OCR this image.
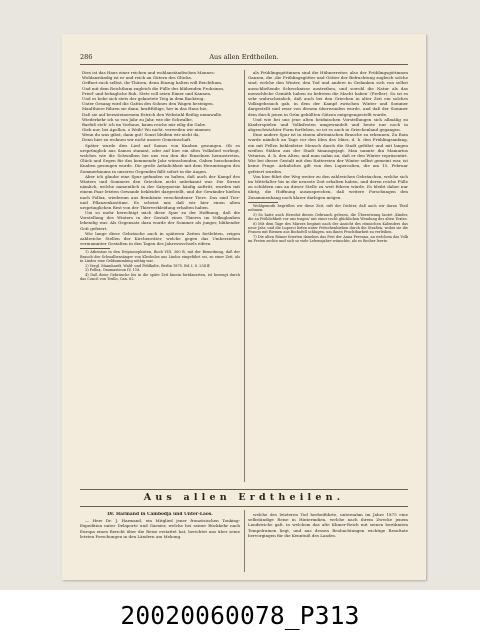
286	Aus allen Erdtheilen.

Dies ist das Haus einer reichen und wohlanständischen Mannes:

Wohlanständig ist er und reich an Gütern des Glücks.

Oeffnet euch selbst, ihr Thüren, denn Einzug halten will Reichthum,

Und mit dem Reichthum zugleich die Fülle des blühenden Frohsinns,

Fried' und behagliche Ruh. Stets voll seien Eimer und Kannen,

Und es hebe sich stets der geknetete Teig in dem Backtrog.

Unter Gesang wird die Gattin des Sohnes den Wagen besteigen,

Maulthiere führen sie dann, kraftfüßige, her in das Haus hie,

Daß sie auf bernsteinernem Estrich den Webstuhl fleißig ummwalle.

Wiederkehr ich so von Jahr zu Jahr, wie die Schwalbe,

Barfuß steh' ich im Vorhaus, kaum reiche mir eilig die Gabe.

Gieb nur, bei Apollon, o Weib! Wo nicht, verweilen wir nimmer,

Wenn du was gibst, dann gut! Sonst bleiben wir nicht da,

Denn hier zu wohnen wir nicht unsere Gemeinschaft.

Später wurde dies Lied auf Samos von Knaben gesungen. Ob es ursprünglich aus Samos stammt, oder auf hier ein altes Volkslied vorliegt, welches wie die Schwalben bei uns von den die Einzelnen heraustreten, Glück und Segen für das kommende Jahr wünschenden, Gaben heischenden Knaben gesungen wurde. Die große Aehnlichkeit mit dem Herumtragen des Sommerbaums in unseren Gegenden fällt sofort in die Augen.

Aber ich glaube eine Spur gefunden zu haben, daß auch der Kampf des Winters und Sommers den Griechen nicht unbekannt war. Die Sirene nämlich, welche namentlich in der Satyrpoesie häufig auftritt, wurden mit einem Paar letzten Gewande bekleidet dargestellt, und die Gewänder hießen nach Pollux, wiederum aus Beinhäute verschiedener Tiere. Das sind Tier- und Pflanzenkostüme. Es scheint mir, daß wir hier einen alten ursprünglichen Rest von der Thierverkleidung erhalten haben.

Um so mehr berechtigt mich diese Spur zu der Hoffnung, daß die Vorstellung des Winters in der Gestalt eines Thieres im Volksglauben lebendig war. Als Gegensatz dazu wurde der Sommer als junger, blühender Gott gefeiert.

Wie lange diese Gebräuche auch in späteren Zeiten fortlebten, zeigen zahlreiche Stellen der Kirchenväter, welche gegen das Umherziehen vermummter Gestalten in den Tagen des Jahreswechsels eifern.

1) Athenäus in den Deipnosophisten, Buch VIII, 360 B, mit der Bemerkung, daß der Brauch der Schwalbensänger von Kleobulos aus Lindos eingeführt sei, zu einer Zeit, als in Lindos eine Geldsammlung nöthig war.

2) Vergl. Mannhardt, Wald- und Feldkulte, Berlin 1875, Bd. I, S. 254 ff.

3) Pollux, Onomasticon IV, 118.

4) Daß diese Gebräuche bis in die späte Zeit hinein fortdauerten, ist bezeugt durch das Concil von Trullo, Can. 62.

als Frühlingsgöttinnen sind die Hühnerreiter, also der Frühlingsgöttinnen Ganzen, die ‚die Frühlingsgötter und Götter der Befruchtung zugleich solche sind, welche den Winter, den Tod und andere in Gedanken sich von selbst ausschließende Schrecknisse austreiben, und sowohl die Natur als das menschliche Gemüth haben zu befreien die Macht haben‘ (Preller). So ist es sehr wahrscheinlich, daß auch bei den Griechen in alter Zeit ein solches Volksgebrauch gab, in dem der Kampf zwischen Winter und Sommer dargestellt und zwar von diesem überwunden wurde, und daß der Sommer dem durch jenen in Grün gehüllten Götzen entgegengestellt wurde.

Und wie bei uns jene alten heidnischen Vorstellungen sich allmälig zu Kinderspielen und Volksfesten umgewandelt und heute nur noch in abgeschwächter Form fortleben, so ist es auch in Griechenland gegangen.

Eine andere Spur ist in einem altrömischen Brauche zu erkennen. Zu Rom wurde nämlich an Tage vor den Iden des März, d. h. den Frühlingsanfang, ein mit Fellen bekleideter Mensch durch die Stadt geführt und mit langen weißen Stäben aus der Stadt hinausgejagt. Man nannte ihn Mamurius Veturius, d. h. den Alten, und man nahm an, daß er den Winter repräsentirt. Wie bei dieser Gestalt mit den Rattereien der Winter selbst gemeint war, ist keine Frage. Aehnliches gilt von den Lupercalien, die am 15. Februar gefeiert wurden.

Von hier führt der Weg weiter zu den zahlreichen Gebräuchen, welche sich im Mittelalter bis in die neueste Zeit erhalten haben, und deren reiche Fülle zu schildern uns an dieser Stelle zu weit führen würde. Es bleibt daher nur übrig, die Hoffnung auszusprechen, daß weitere Forschungen den Zusammenhang noch klarer darlegen mögen.

Wohlgemuth begrüßen wir diese Zeit, ruft der Dichter, daß auch wir daran Theil nehmen.

5) So hatte auch Herodot diesen Gebrauch gelesen, die Übersetzung lautet ‚Kinder, die an Fröhlichkeit vor uns tragen‘ mit einer recht glücklichen Wendung des alten Textes.

6) Mit dem Tage des Märzes beginnt nach der Ansicht des römischen Kalenders das neue Jahr, und die Luperci liefen unter Peitschenhieben durch die Straßen, wobei sie die Frauen mit Riemen aus Bocksfell schlugen, um ihnen Fruchtbarkeit zu verleihen.

7) Die alten Römer feierten daneben das Fest der Anna Perenna, an welchem das Volk im Freien zechte und sich so viele Lebensjahre wünschte, als es Becher leerte.

Aus allen Erdtheilen.

Dr. Harmand in Cambodja und Unter-Laos.

— Herr Dr. J. Harmand, ein Mitglied jener französischen Tonking-Expedition unter Delaporte und Garnier, welche bei seiner Rückkehr nach Europa einen Bericht über die Reise erstattet hat, berichtet uns über seine letzten Forschungen in den Ländern am Mekong.

welche des letzteren Tod herbeiführte, unternahm im Jahre 1875 eine selbständige Reise in Hinterindien, welche nach ihrem Zwecke jenem Landstriche galt, in welchem das alte Khmer-Reich mit seinen berühmten Tempelruinen liegt, und aus dessen Beobachtungen wichtige Resultate hervorgingen für die Kenntniß des Landes.

20020060078_P313
